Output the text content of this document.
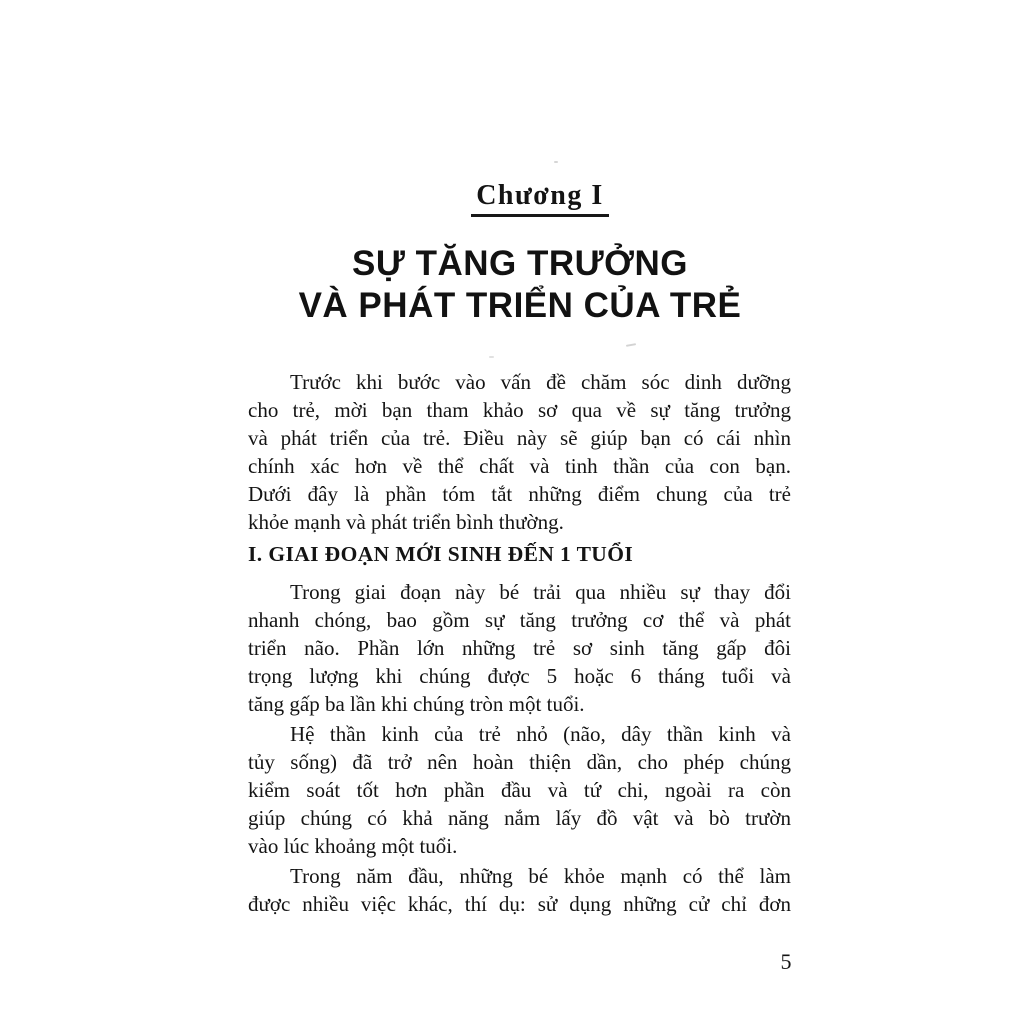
Chương I
SỰ TĂNG TRƯỞNG
VÀ PHÁT TRIỂN CỦA TRẺ
Trước khi bước vào vấn đề chăm sóc dinh dưỡng
cho trẻ, mời bạn tham khảo sơ qua về sự tăng trưởng
và phát triển của trẻ. Điều này sẽ giúp bạn có cái nhìn
chính xác hơn về thể chất và tinh thần của con bạn.
Dưới đây là phần tóm tắt những điểm chung của trẻ
khỏe mạnh và phát triển bình thường.
I. GIAI ĐOẠN MỚI SINH ĐẾN 1 TUỔI
Trong giai đoạn này bé trải qua nhiều sự thay đổi
nhanh chóng, bao gồm sự tăng trưởng cơ thể và phát
triển não. Phần lớn những trẻ sơ sinh tăng gấp đôi
trọng lượng khi chúng được 5 hoặc 6 tháng tuổi và
tăng gấp ba lần khi chúng tròn một tuổi.
Hệ thần kinh của trẻ nhỏ (não, dây thần kinh và
tủy sống) đã trở nên hoàn thiện dần, cho phép chúng
kiểm soát tốt hơn phần đầu và tứ chi, ngoài ra còn
giúp chúng có khả năng nắm lấy đồ vật và bò trườn
vào lúc khoảng một tuổi.
Trong năm đầu, những bé khỏe mạnh có thể làm
được nhiều việc khác, thí dụ: sử dụng những cử chỉ đơn
5
